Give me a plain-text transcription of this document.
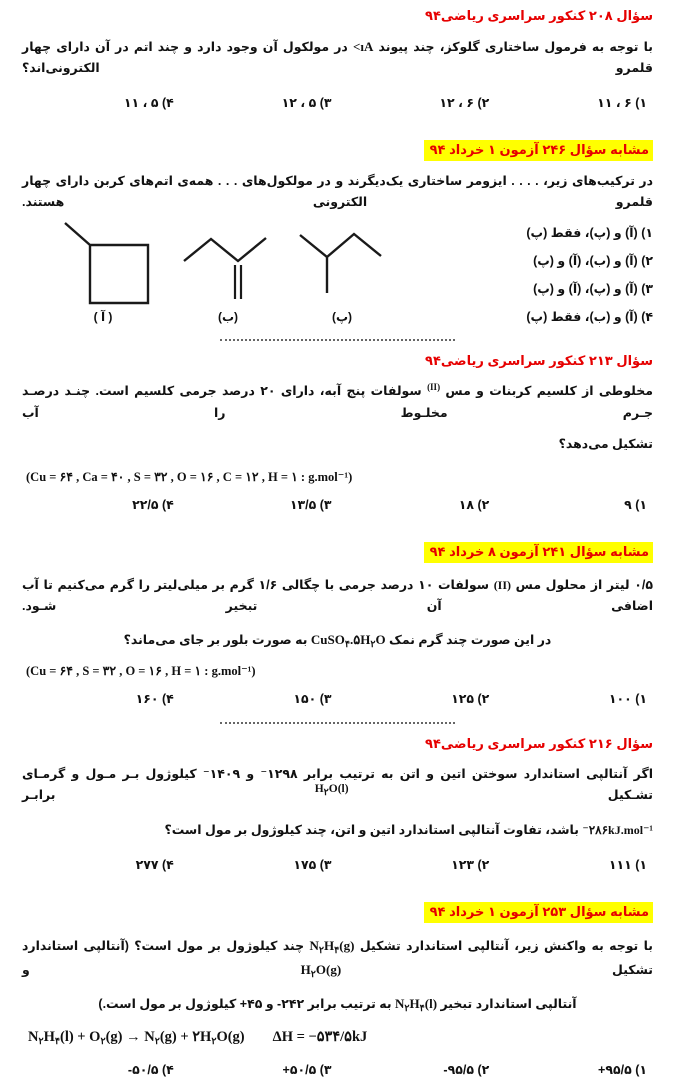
سؤال ۲۰۸ کنکور سراسری ریاضی۹۴
با توجه به فرمول ساختاری گلوکز، چند پیوند <ıA در مولکول آن وجود دارد و چند اتم در آن دارای چهار قلمرو الکترونی‌اند؟
۱) ۶ ، ۱۱
۲) ۶ ، ۱۲
۳) ۵ ، ۱۲
۴) ۵ ، ۱۱
مشابه سؤال ۲۴۶ آزمون ۱ خرداد ۹۴
در ترکیب‌های زیر، . . . . ایزومر ساختاری یک‌دیگرند و در مولکول‌های . . . همه‌ی اتم‌های کربن دارای چهار قلمرو الکترونی هستند.
( آ )	(ب)	(پ)
۱) (آ) و (پ)، فقط (پ)
۲) (آ) و (ب)، (آ) و (پ)
۳) (آ) و (پ)، (آ) و (پ)
۴) (آ) و (ب)، فقط (پ)
سؤال ۲۱۳ کنکور سراسری ریاضی۹۴
مخلوطی از کلسیم کربنات و مس $^{(II)}$ سولفات پنج آبه، دارای ۲۰ درصد جرمی کلسیم است. چنـد درصـد جـرم مخلـوط را آب
تشکیل می‌دهد؟
(Cu = ۶۴ , Ca = ۴۰ , S = ۳۲ , O = ۱۶ , C = ۱۲ , H = ۱ : g.mol⁻¹)
۱) ۹
۲) ۱۸
۳) ۱۳/۵
۴) ۲۲/۵
مشابه سؤال ۲۴۱ آزمون ۸ خرداد ۹۴
۰/۵ لیتر از محلول مس (II) سولفات ۱۰ درصد جرمی با چگالی ۱/۶ گرم بر میلی‌لیتر را گرم می‌کنیم تا آب اضافی آن تبخیر شـود.
در این صورت چند گرم نمک $CuSO_۴.۵H_۲O$ به صورت بلور بر جای می‌ماند؟
(Cu = ۶۴ , S = ۳۲ , O = ۱۶ , H = ۱ : g.mol⁻¹)
۱) ۱۰۰
۲) ۱۲۵
۳) ۱۵۰
۴) ۱۶۰
سؤال ۲۱۶ کنکور سراسری ریاضی۹۴
اگر آنتالپی استاندارد سوختن اتین و اتن به ترتیب برابر ۱۲۹۸⁻ و ۱۴۰۹⁻ کیلوژول بـر مـول و گرمـای تشـکیل $H_۲O(l)$ برابـر
⁻۲۸۶kJ.mol⁻¹ باشد، تفاوت آنتالپی استاندارد اتین و اتن، چند کیلوژول بر مول است؟
۱) ۱۱۱
۲) ۱۲۳
۳) ۱۷۵
۴) ۲۷۷
مشابه سؤال ۲۵۳ آزمون ۱ خرداد ۹۴
با توجه به واکنش زیر، آنتالپی استاندارد تشکیل $N_۲H_۴(g)$ چند کیلوژول بر مول است؟ (آنتالپی استاندارد تشکیل $H_۲O(g)$ و
آنتالپی استاندارد تبخیر $N_۲H_۴(l)$ به ترتیب برابر ۲۴۲- و ۴۵+ کیلوژول بر مول است.)
$N_۲H_۴(l) + O_۲(g) \to N_۲(g)$ + $۲H_۲O(g) \Delta H$ = −۵۳۴/۵kJ
۱) ۹۵/۵+
۲) ۹۵/۵-
۳) ۵۰/۵+
۴) ۵۰/۵-
